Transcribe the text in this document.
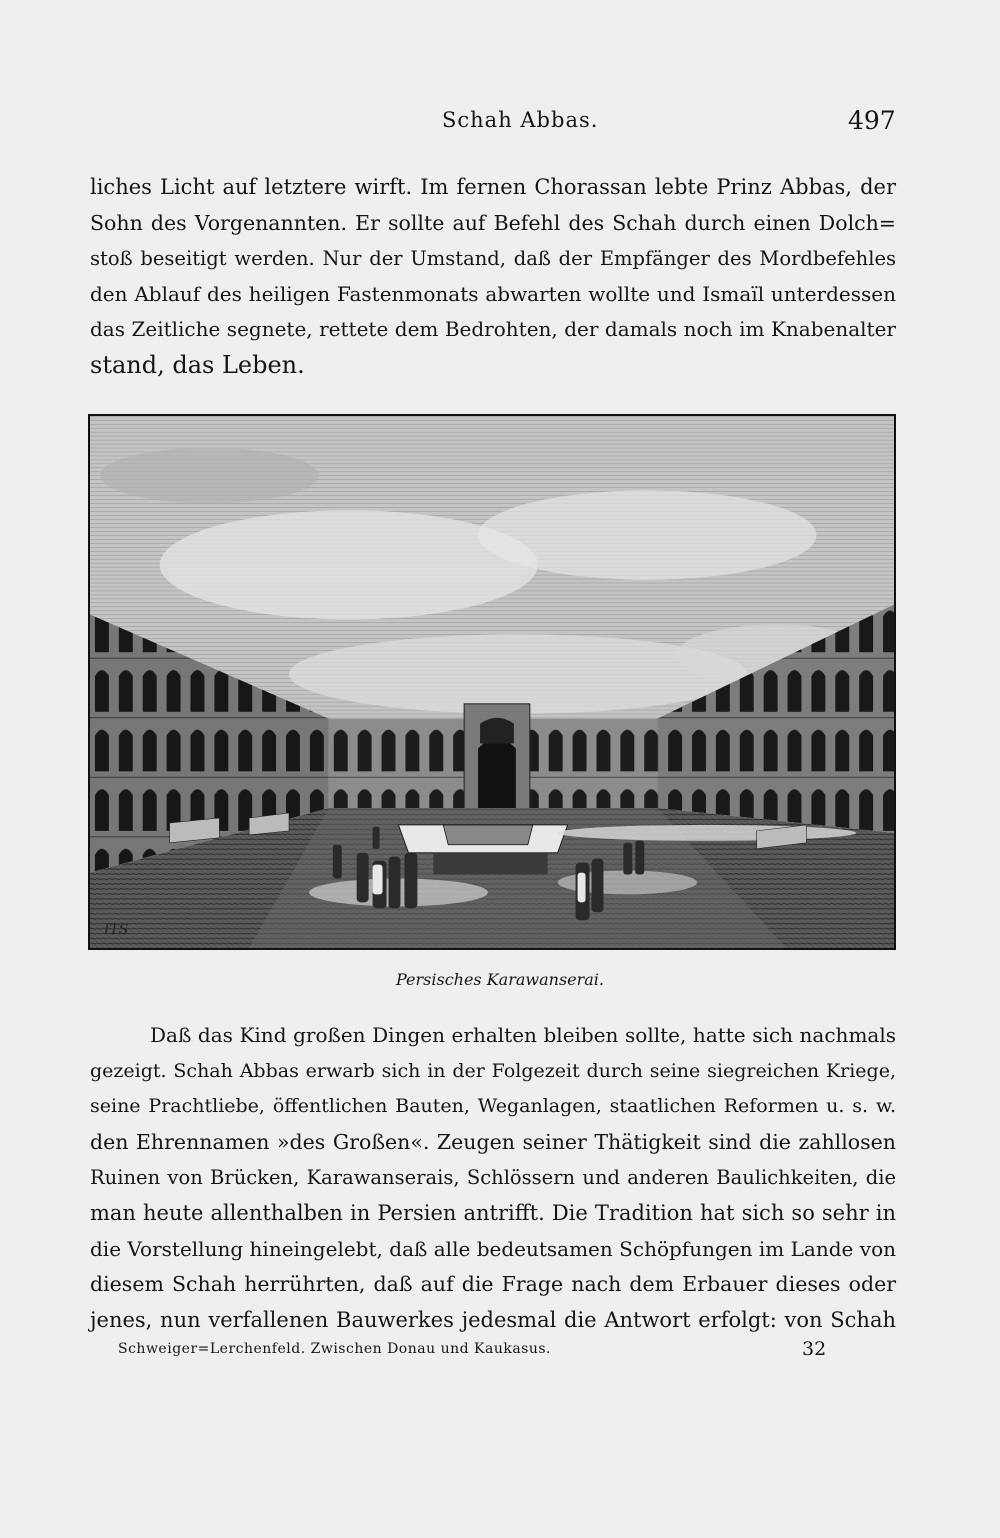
Schah Abbas.	497
liches Licht auf letztere wirft. Im fernen Chorassan lebte Prinz Abbas, der
Sohn des Vorgenannten. Er sollte auf Befehl des Schah durch einen Dolch=
stoß beseitigt werden. Nur der Umstand, daß der Empfänger des Mordbefehles
den Ablauf des heiligen Fastenmonats abwarten wollte und Ismaïl unterdessen
das Zeitliche segnete, rettete dem Bedrohten, der damals noch im Knabenalter
stand, das Leben.
ITS
Persisches Karawanserai.
Daß das Kind großen Dingen erhalten bleiben sollte, hatte sich nachmals
gezeigt. Schah Abbas erwarb sich in der Folgezeit durch seine siegreichen Kriege,
seine Prachtliebe, öffentlichen Bauten, Weganlagen, staatlichen Reformen u. s. w.
den Ehrennamen »des Großen«. Zeugen seiner Thätigkeit sind die zahllosen
Ruinen von Brücken, Karawanserais, Schlössern und anderen Baulichkeiten, die
man heute allenthalben in Persien antrifft. Die Tradition hat sich so sehr in
die Vorstellung hineingelebt, daß alle bedeutsamen Schöpfungen im Lande von
diesem Schah herrührten, daß auf die Frage nach dem Erbauer dieses oder
jenes, nun verfallenen Bauwerkes jedesmal die Antwort erfolgt: von Schah
Schweiger=Lerchenfeld. Zwischen Donau und Kaukasus.	32
